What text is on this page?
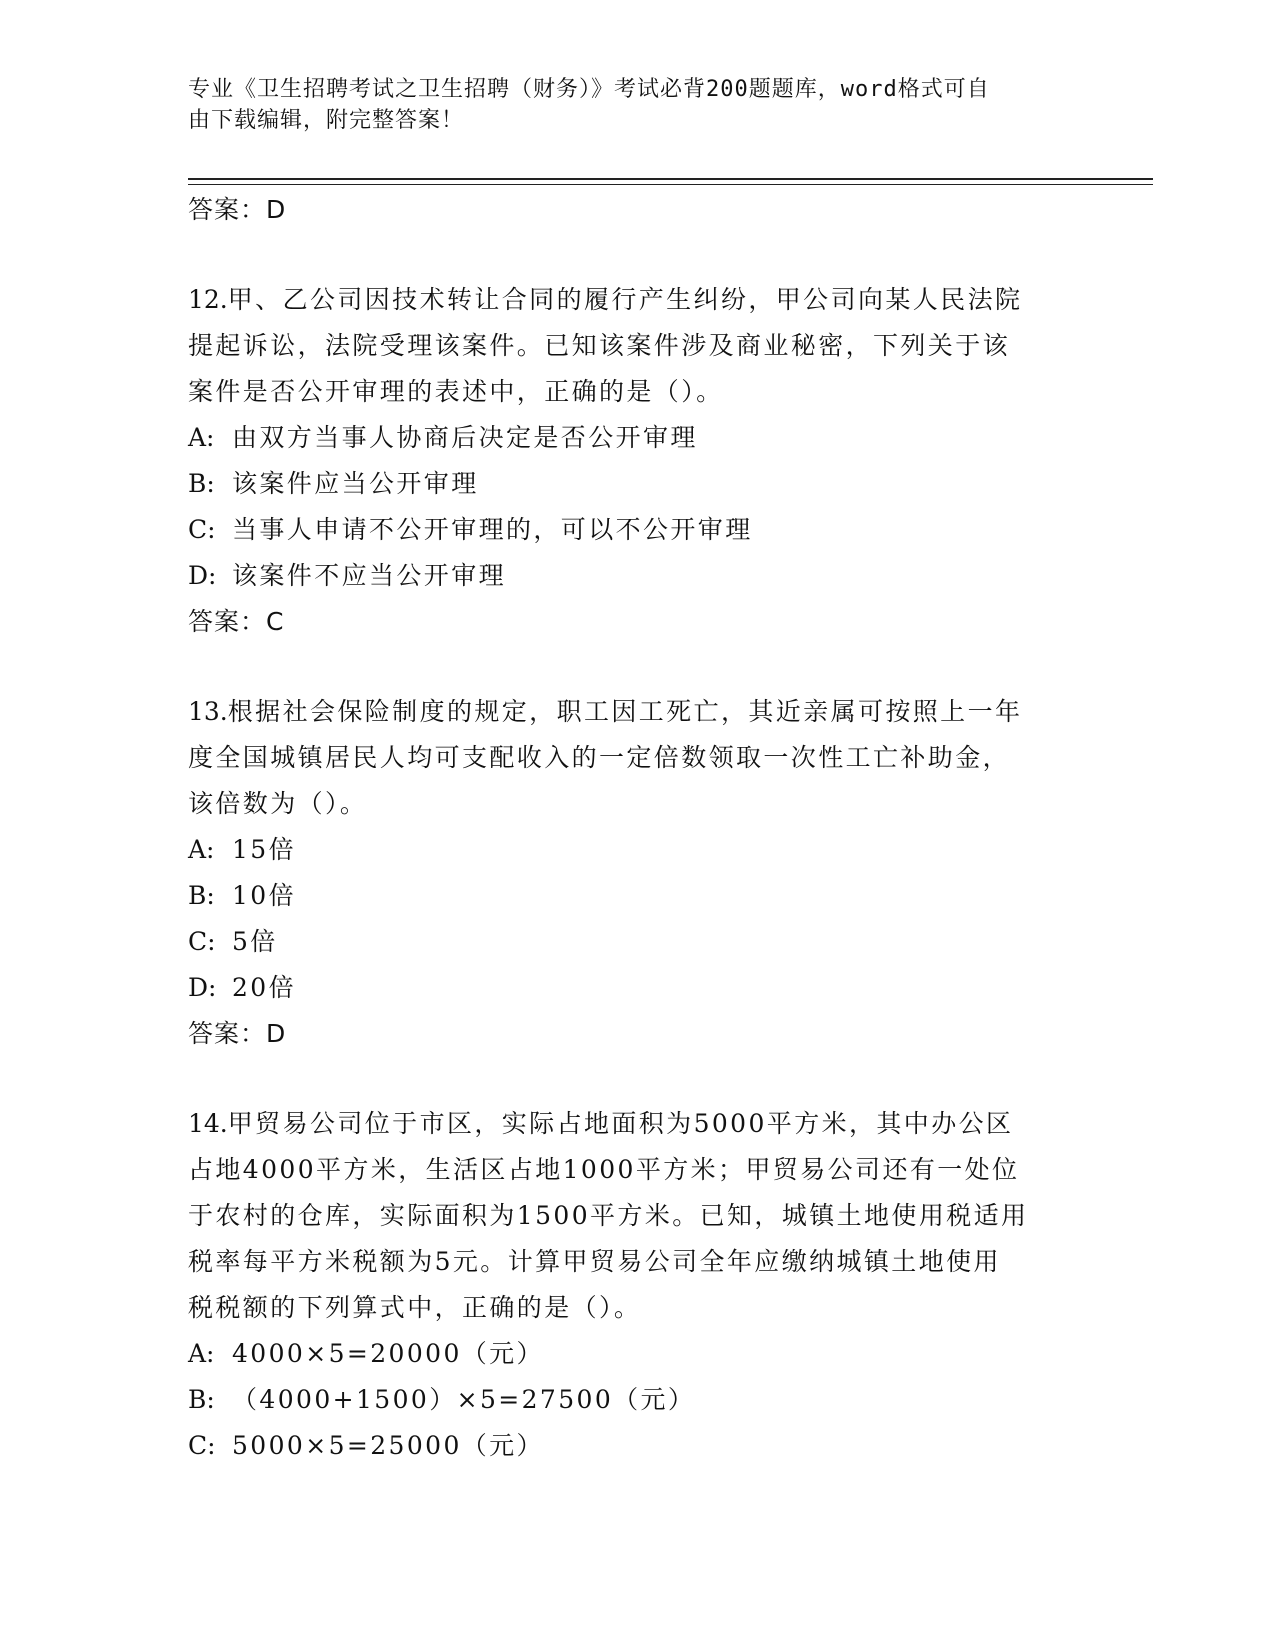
专业《卫生招聘考试之卫生招聘（财务）》考试必背200题题库，word格式可自
由下载编辑，附完整答案！
答案：D
12.甲、乙公司因技术转让合同的履行产生纠纷，甲公司向某人民法院
提起诉讼，法院受理该案件。已知该案件涉及商业秘密，下列关于该
案件是否公开审理的表述中，正确的是（）。
A: 由双方当事人协商后决定是否公开审理
B: 该案件应当公开审理
C: 当事人申请不公开审理的，可以不公开审理
D: 该案件不应当公开审理
答案：C
13.根据社会保险制度的规定，职工因工死亡，其近亲属可按照上一年
度全国城镇居民人均可支配收入的一定倍数领取一次性工亡补助金，
该倍数为（）。
A: 15倍
B: 10倍
C: 5倍
D: 20倍
答案：D
14.甲贸易公司位于市区，实际占地面积为5000平方米，其中办公区
占地4000平方米，生活区占地1000平方米；甲贸易公司还有一处位
于农村的仓库，实际面积为1500平方米。已知，城镇土地使用税适用
税率每平方米税额为5元。计算甲贸易公司全年应缴纳城镇土地使用
税税额的下列算式中，正确的是（）。
A: 4000×5=20000（元）
B: （4000+1500）×5=27500（元）
C: 5000×5=25000（元）
